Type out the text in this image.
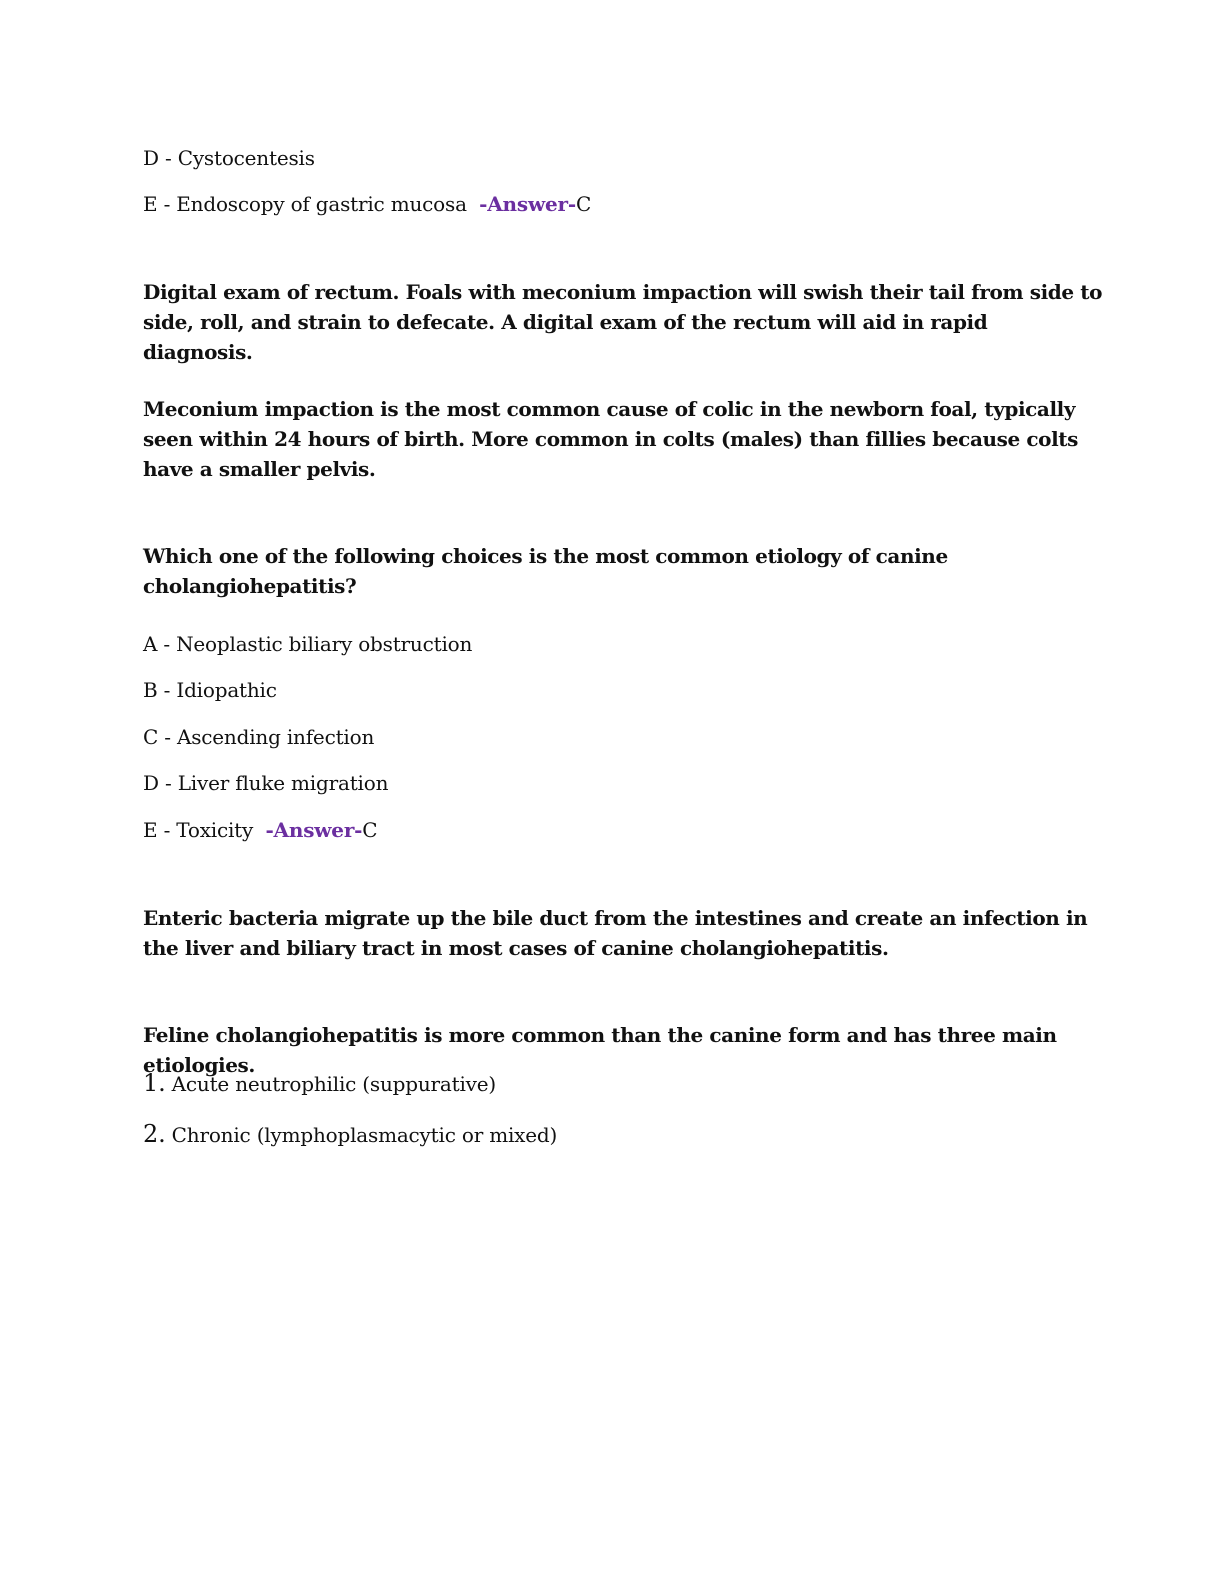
D - Cystocentesis
E - Endoscopy of gastric mucosa -Answer-C
Digital exam of rectum. Foals with meconium impaction will swish their tail from side to side, roll, and strain to defecate. A digital exam of the rectum will aid in rapid diagnosis.
Meconium impaction is the most common cause of colic in the newborn foal, typically seen within 24 hours of birth. More common in colts (males) than fillies because colts have a smaller pelvis.
Which one of the following choices is the most common etiology of canine cholangiohepatitis?
A - Neoplastic biliary obstruction
B - Idiopathic
C - Ascending infection
D - Liver fluke migration
E - Toxicity -Answer-C
Enteric bacteria migrate up the bile duct from the intestines and create an infection in the liver and biliary tract in most cases of canine cholangiohepatitis.
Feline cholangiohepatitis is more common than the canine form and has three main etiologies.
1. Acute neutrophilic (suppurative)
2. Chronic (lymphoplasmacytic or mixed)
